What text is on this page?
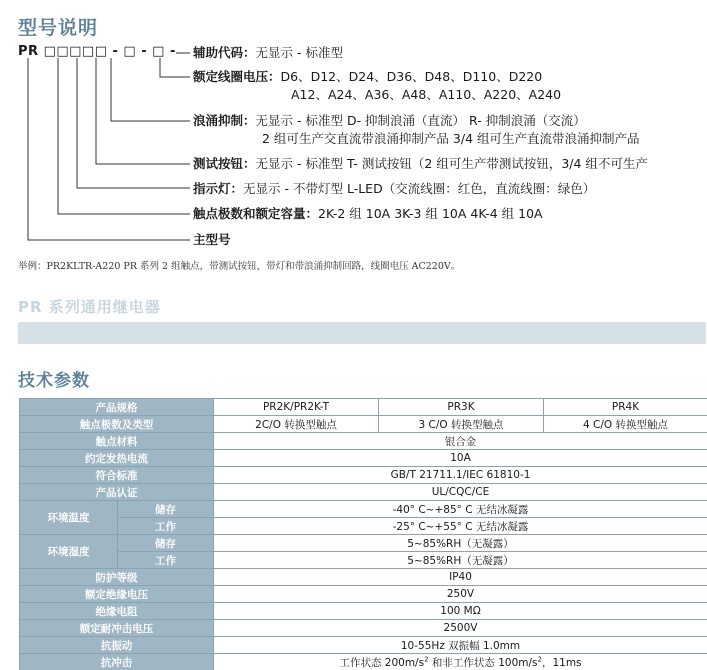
型号说明
PR □□□□□ - □ - □ - 辅助代码：无显示 - 标准型
额定线圈电压：D6、D12、D24、D36、D48、D110、D220
A12、A24、A36、A48、A110、A220、A240
浪涌抑制：无显示 - 标准型 D- 抑制浪涌（直流） R- 抑制浪涌（交流）
2 组可生产交直流带浪涌抑制产品 3/4 组可生产直流带浪涌抑制产品
测试按钮：无显示 - 标准型 T- 测试按钮（2 组可生产带测试按钮，3/4 组不可生产
指示灯：无显示 - 不带灯型 L-LED（交流线圈：红色，直流线圈：绿色）
触点极数和额定容量：2K-2 组 10A 3K-3 组 10A 4K-4 组 10A
主型号
举例：PR2KLTR-A220 PR 系列 2 组触点，带测试按钮，带灯和带浪涌抑制回路，线圈电压 AC220V。
PR 系列通用继电器
技术参数
产品规格		PR2K/PR2K-T	PR3K	PR4K
触点极数及类型		2C/O 转换型触点	3 C/O 转换型触点	4 C/O 转换型触点
触点材料		银合金		
约定发热电流		10A		
符合标准		GB/T 21711.1/IEC 61810-1		
产品认证		UL/CQC/CE		
环境温度	储存	-40° C~+85° C 无结冰凝露		
	工作	-25° C~+55° C 无结冰凝露		
环境湿度	储存	5~85%RH（无凝露）		
	工作	5~85%RH（无凝露）		
防护等级		IP40		
额定绝缘电压		250V		
绝缘电阻		100 MΩ		
额定耐冲击电压		2500V		
抗振动		10-55Hz 双振幅 1.0mm		
抗冲击		工作状态 $200m/s^2$ 和非工作状态 $100m/s^2$，11ms		
